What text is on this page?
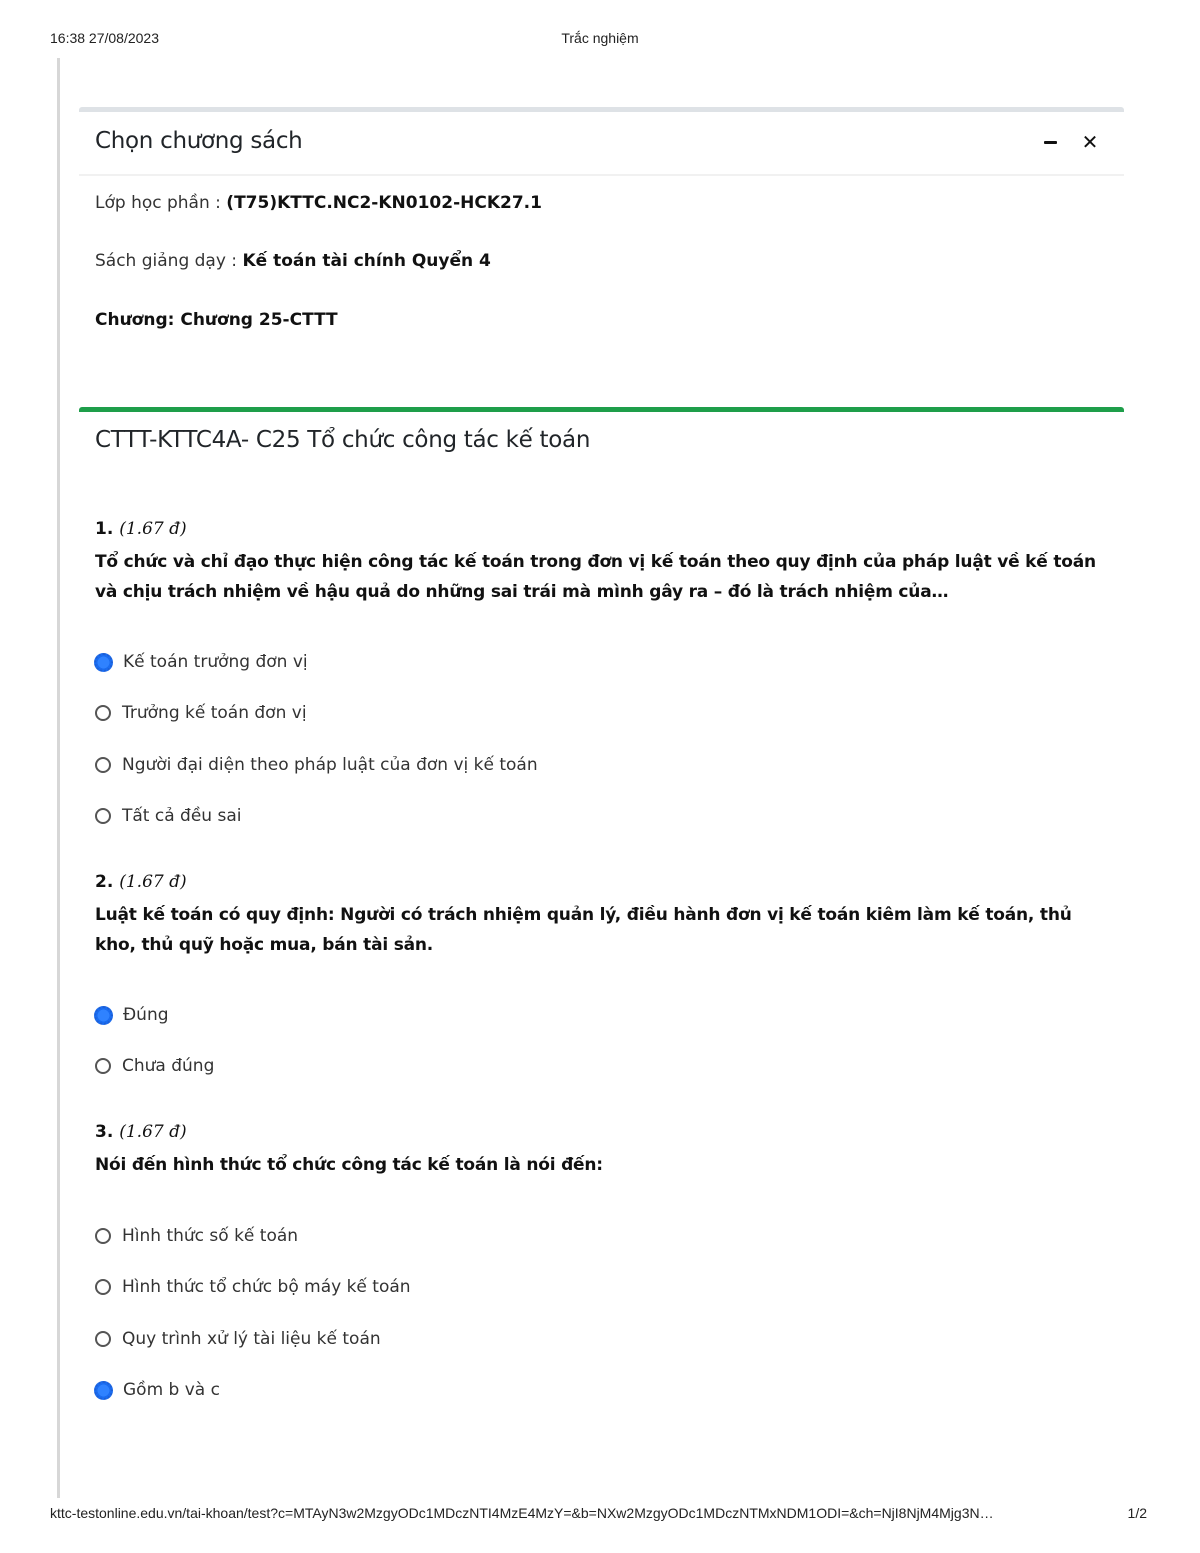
16:38 27/08/2023	Trắc nghiệm
Chọn chương sách	✕
Lớp học phần : (T75)KTTC.NC2-KN0102-HCK27.1
Sách giảng dạy : Kế toán tài chính Quyển 4
Chương: Chương 25-CTTT
CTTT-KTTC4A- C25 Tổ chức công tác kế toán
1. (1.67 đ)
Tổ chức và chỉ đạo thực hiện công tác kế toán trong đơn vị kế toán theo quy định của pháp luật về kế toán và chịu trách nhiệm về hậu quả do những sai trái mà mình gây ra – đó là trách nhiệm của…
Kế toán trưởng đơn vị
Trưởng kế toán đơn vị
Người đại diện theo pháp luật của đơn vị kế toán
Tất cả đều sai
2. (1.67 đ)
Luật kế toán có quy định: Người có trách nhiệm quản lý, điều hành đơn vị kế toán kiêm làm kế toán, thủ kho, thủ quỹ hoặc mua, bán tài sản.
Đúng
Chưa đúng
3. (1.67 đ)
Nói đến hình thức tổ chức công tác kế toán là nói đến:
Hình thức số kế toán
Hình thức tổ chức bộ máy kế toán
Quy trình xử lý tài liệu kế toán
Gồm b và c
kttc-testonline.edu.vn/tai-khoan/test?c=MTAyN3w2MzgyODc1MDczNTI4MzE4MzY=&b=NXw2MzgyODc1MDczNTMxNDM1ODI=&ch=NjI8NjM4Mjg3N…	1/2
